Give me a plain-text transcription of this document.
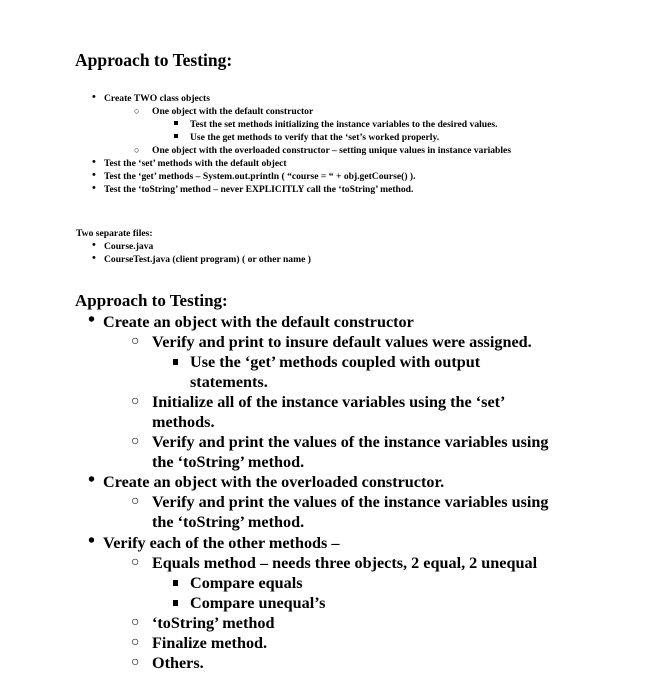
Approach to Testing:
• Create TWO class objects
○ One object with the default constructor
Test the set methods initializing the instance variables to the desired values.
Use the get methods to verify that the ‘set’s worked properly.
○ One object with the overloaded constructor – setting unique values in instance variables
• Test the ‘set’ methods with the default object
• Test the ‘get’ methods – System.out.println ( “course = “ + obj.getCourse() ).
• Test the ‘toString’ method – never EXPLICITLY call the ‘toString’ method.
Two separate files:
• Course.java
• CourseTest.java (client program) ( or other name )
Approach to Testing:
• Create an object with the default constructor
○ Verify and print to insure default values were assigned.
Use the ‘get’ methods coupled with output
statements.
○ Initialize all of the instance variables using the ‘set’
methods.
○ Verify and print the values of the instance variables using
the ‘toString’ method.
• Create an object with the overloaded constructor.
○ Verify and print the values of the instance variables using
the ‘toString’ method.
• Verify each of the other methods –
○ Equals method – needs three objects, 2 equal, 2 unequal
Compare equals
Compare unequal’s
○ ‘toString’ method
○ Finalize method.
○ Others.
